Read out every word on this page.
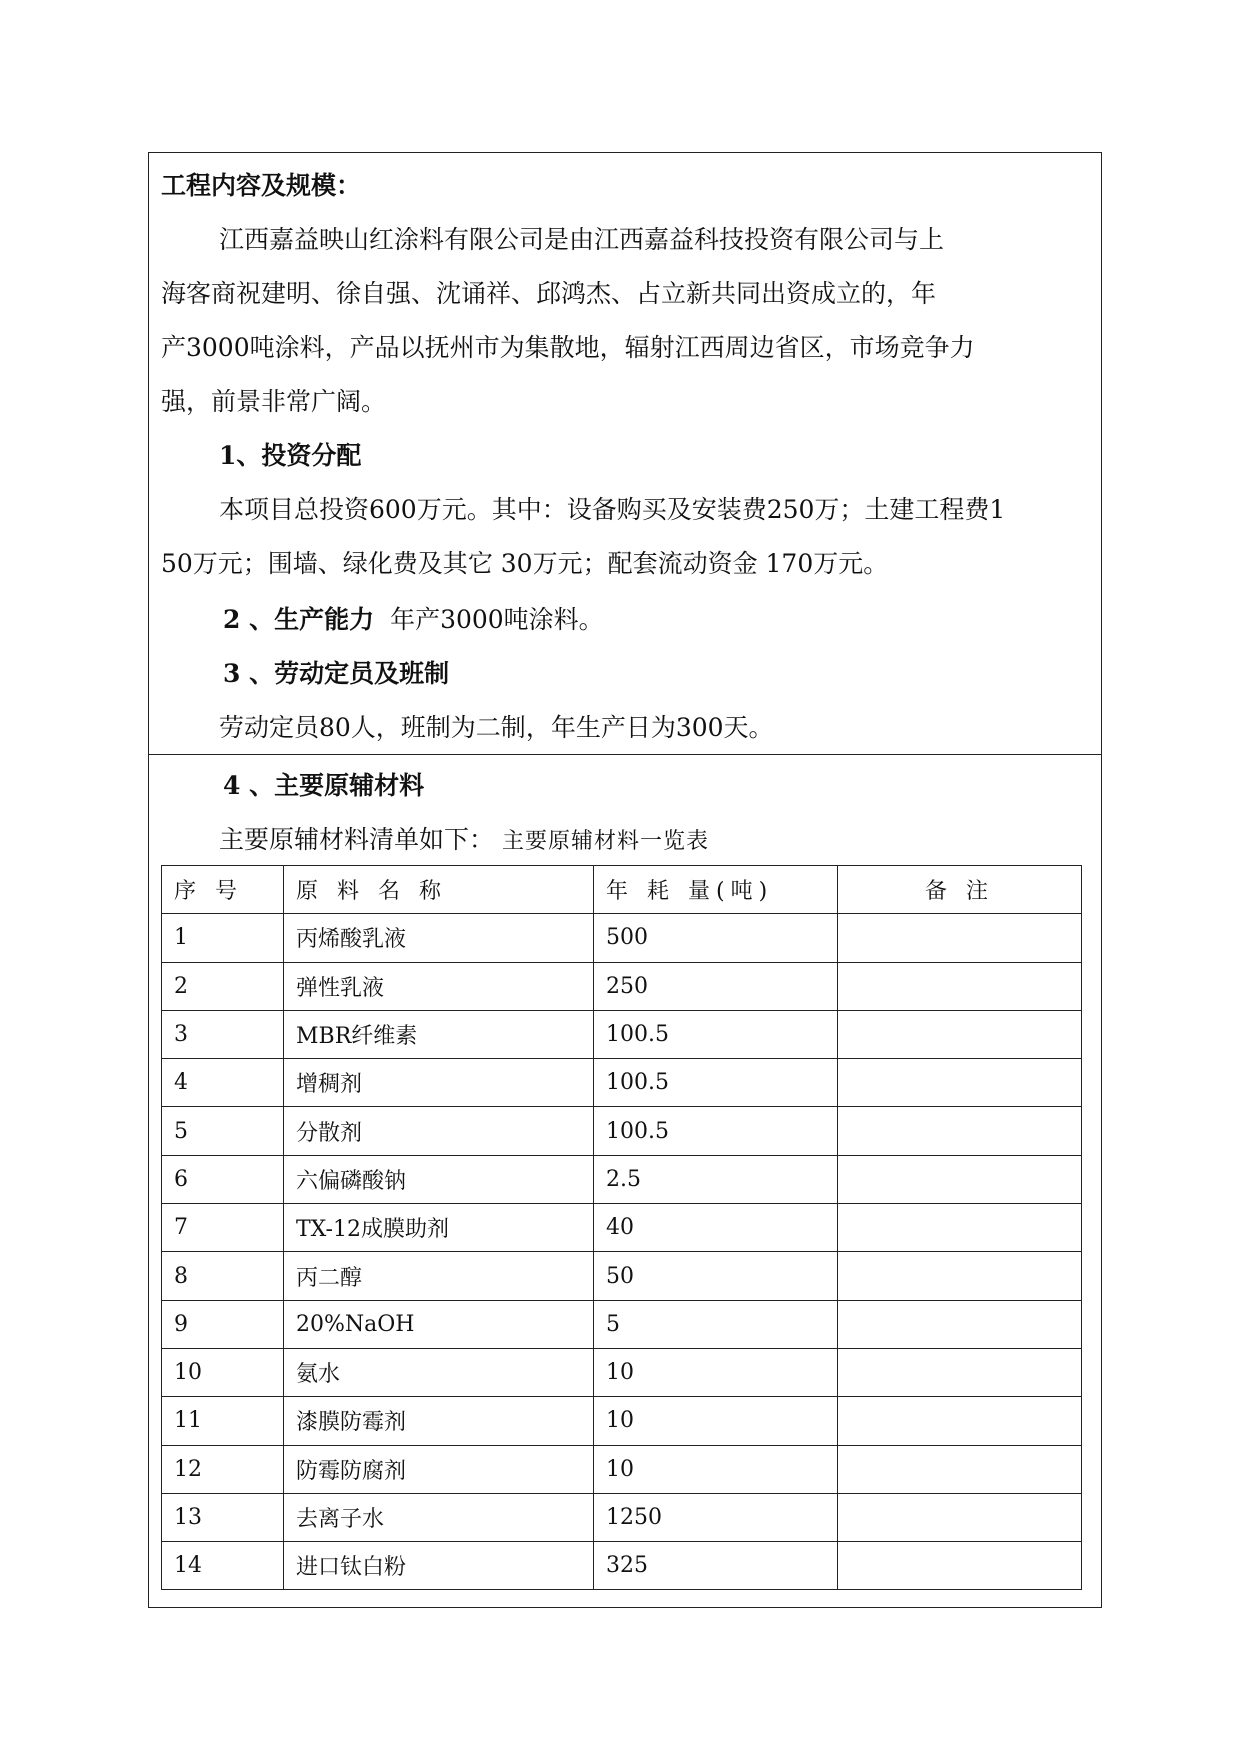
工程内容及规模：
江西嘉益映山红涂料有限公司是由江西嘉益科技投资有限公司与上
海客商祝建明、徐自强、沈诵祥、邱鸿杰、占立新共同出资成立的，年
产3000吨涂料，产品以抚州市为集散地，辐射江西周边省区，市场竞争力
强，前景非常广阔。
1、投资分配
本项目总投资600万元。其中：设备购买及安装费250万；土建工程费1
50万元；围墙、绿化费及其它 30万元；配套流动资金 170万元。
2 、生产能力 年产3000吨涂料。
3 、劳动定员及班制
劳动定员80人，班制为二制，年生产日为300天。
4 、主要原辅材料
主要原辅材料清单如下： 主要原辅材料一览表
序 号	原 料 名 称	年 耗 量(吨)	备 注
1	丙烯酸乳液	500	
2	弹性乳液	250	
3	MBR纤维素	100.5	
4	增稠剂	100.5	
5	分散剂	100.5	
6	六偏磷酸钠	2.5	
7	TX-12成膜助剂	40	
8	丙二醇	50	
9	20%NaOH	5	
10	氨水	10	
11	漆膜防霉剂	10	
12	防霉防腐剂	10	
13	去离子水	1250	
14	进口钛白粉	325	
